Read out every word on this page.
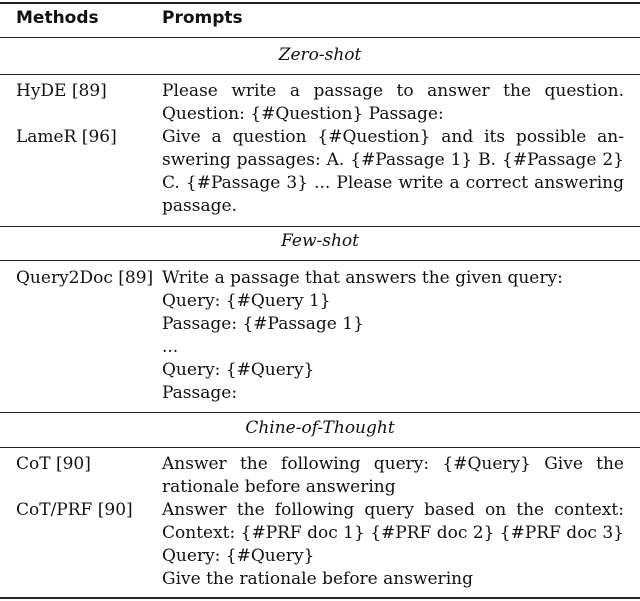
Methods	Prompts
Zero-shot
HyDE [89]	Please write a passage to answer the question.
Question: {#Question} Passage:
LameR [96]	Give a question {#Question} and its possible an-
swering passages: A. {#Passage 1} B. {#Passage 2}
C. {#Passage 3} ... Please write a correct answering
passage.
Few-shot
Query2Doc [89] Write a passage that answers the given query:
Query: {#Query 1}
Passage: {#Passage 1}
...
Query: {#Query}
Passage:
Chine-of-Thought
CoT [90]	Answer the following query: {#Query} Give the
rationale before answering
CoT/PRF [90] Answer the following query based on the context:
Context: {#PRF doc 1} {#PRF doc 2} {#PRF doc 3}
Query: {#Query}
Give the rationale before answering
